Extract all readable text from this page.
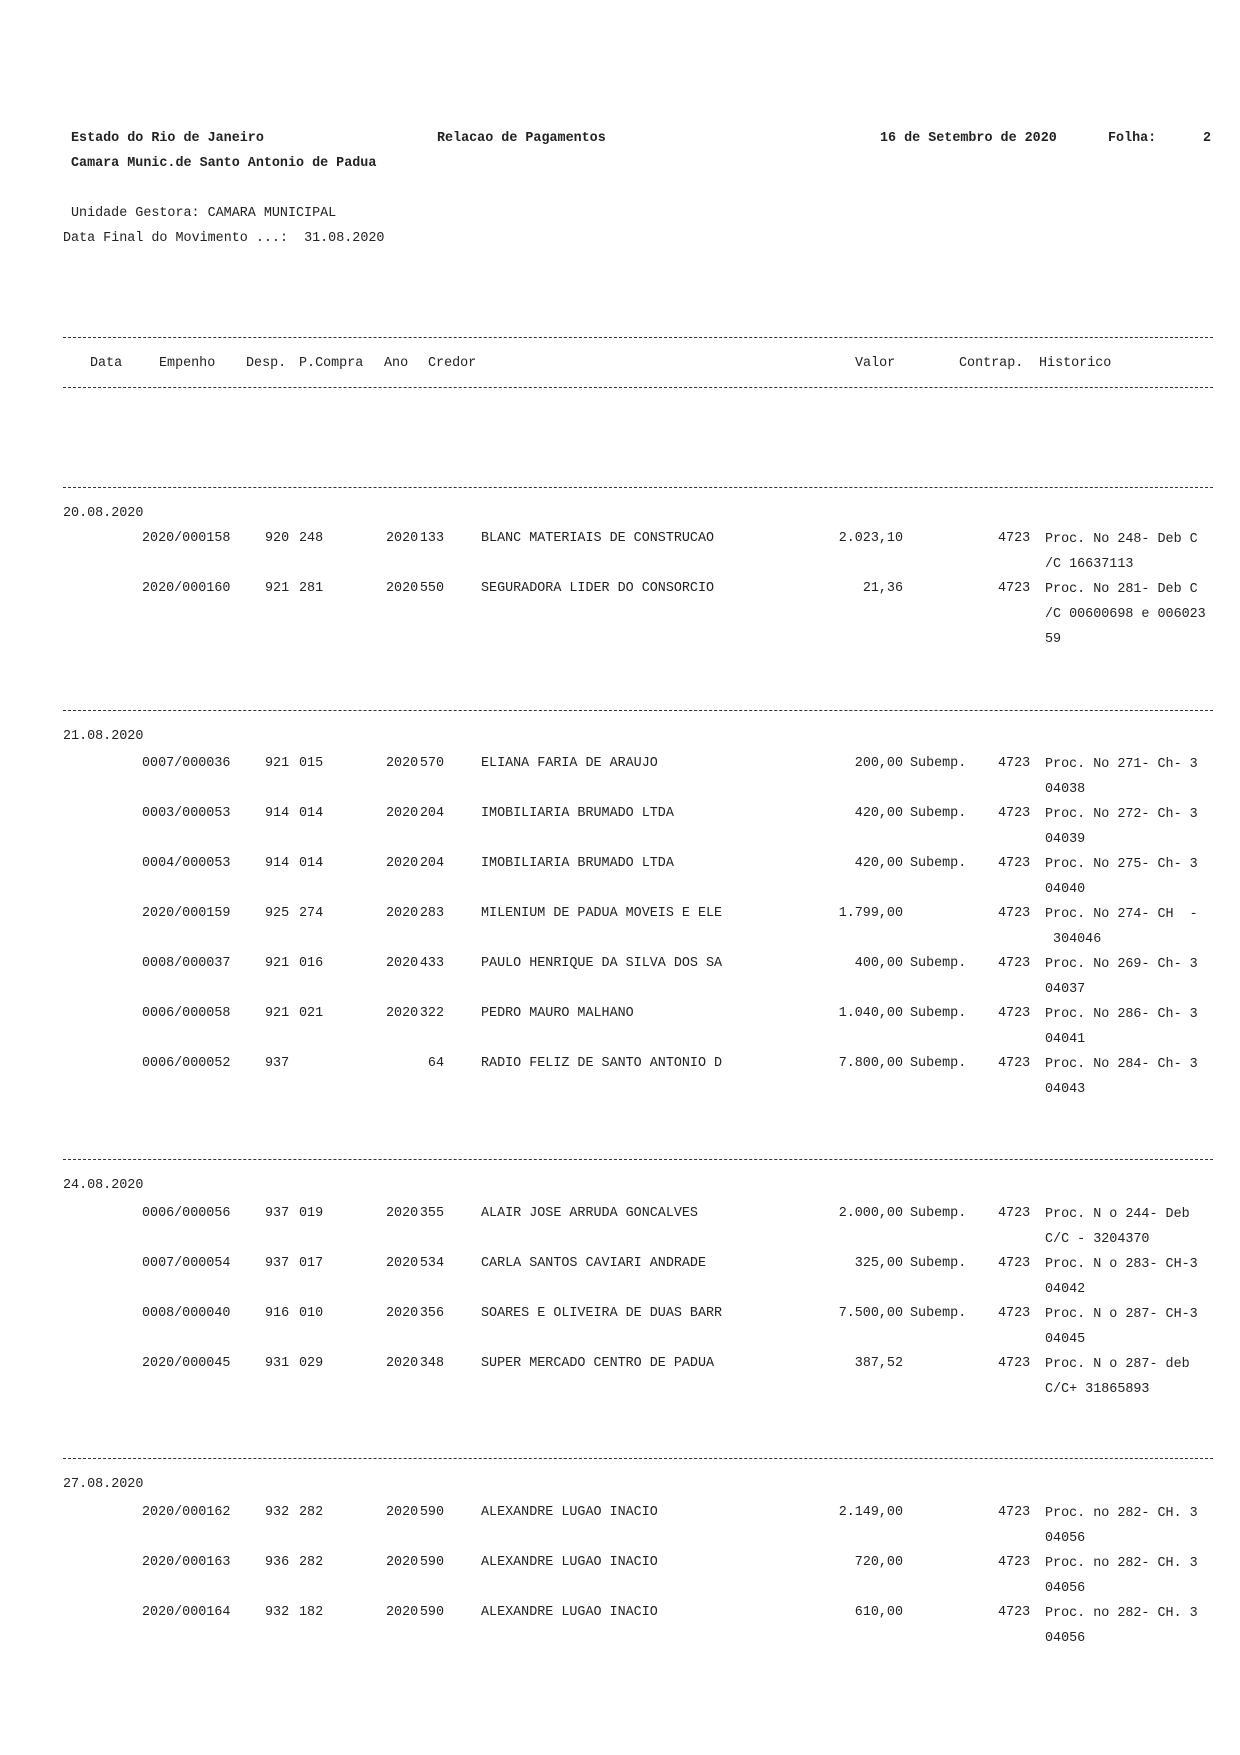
Estado do Rio de Janeiro	Relacao de Pagamentos	16 de Setembro de 2020	Folha:	2
Camara Munic.de Santo Antonio de Padua
Unidade Gestora: CAMARA MUNICIPAL
Data Final do Movimento ...:  31.08.2020
Data	Empenho Desp. P.Compra Ano Credor	Valor	Contrap. Historico
20.08.2020
2020/000158	920 248	2020 133	BLANC MATERIAIS DE CONSTRUCAO	2.023,10	4723 Proc. No 248- Deb C
/C 16637113
2020/000160	921 281	2020 550	SEGURADORA LIDER DO CONSORCIO	21,36	4723 Proc. No 281- Deb C
/C 00600698 e 006023
59
21.08.2020
0007/000036	921 015	2020 570	ELIANA FARIA DE ARAUJO	200,00 Subemp. 4723 Proc. No 271- Ch- 3
04038
0003/000053	914 014	2020 204	IMOBILIARIA BRUMADO LTDA	420,00 Subemp. 4723 Proc. No 272- Ch- 3
04039
0004/000053	914 014	2020 204	IMOBILIARIA BRUMADO LTDA	420,00 Subemp. 4723 Proc. No 275- Ch- 3
04040
2020/000159	925 274	2020 283	MILENIUM DE PADUA MOVEIS E ELE	1.799,00	4723 Proc. No 274- CH  -
304046
0008/000037	921 016	2020 433	PAULO HENRIQUE DA SILVA DOS SA	400,00 Subemp. 4723 Proc. No 269- Ch- 3
04037
0006/000058	921 021	2020 322	PEDRO MAURO MALHANO	1.040,00 Subemp. 4723 Proc. No 286- Ch- 3
04041
0006/000052	937	64	RADIO FELIZ DE SANTO ANTONIO D	7.800,00 Subemp. 4723 Proc. No 284- Ch- 3
04043
24.08.2020
0006/000056	937 019	2020 355	ALAIR JOSE ARRUDA GONCALVES	2.000,00 Subemp. 4723 Proc. N o 244- Deb
C/C - 3204370
0007/000054	937 017	2020 534	CARLA SANTOS CAVIARI ANDRADE	325,00 Subemp. 4723 Proc. N o 283- CH-3
04042
0008/000040	916 010	2020 356	SOARES E OLIVEIRA DE DUAS BARR	7.500,00 Subemp. 4723 Proc. N o 287- CH-3
04045
2020/000045	931 029	2020 348	SUPER MERCADO CENTRO DE PADUA	387,52	4723 Proc. N o 287- deb
C/C+ 31865893
27.08.2020
2020/000162	932 282	2020 590	ALEXANDRE LUGAO INACIO	2.149,00	4723 Proc. no 282- CH. 3
04056
2020/000163	936 282	2020 590	ALEXANDRE LUGAO INACIO	720,00	4723 Proc. no 282- CH. 3
04056
2020/000164	932 182	2020 590	ALEXANDRE LUGAO INACIO	610,00	4723 Proc. no 282- CH. 3
04056
